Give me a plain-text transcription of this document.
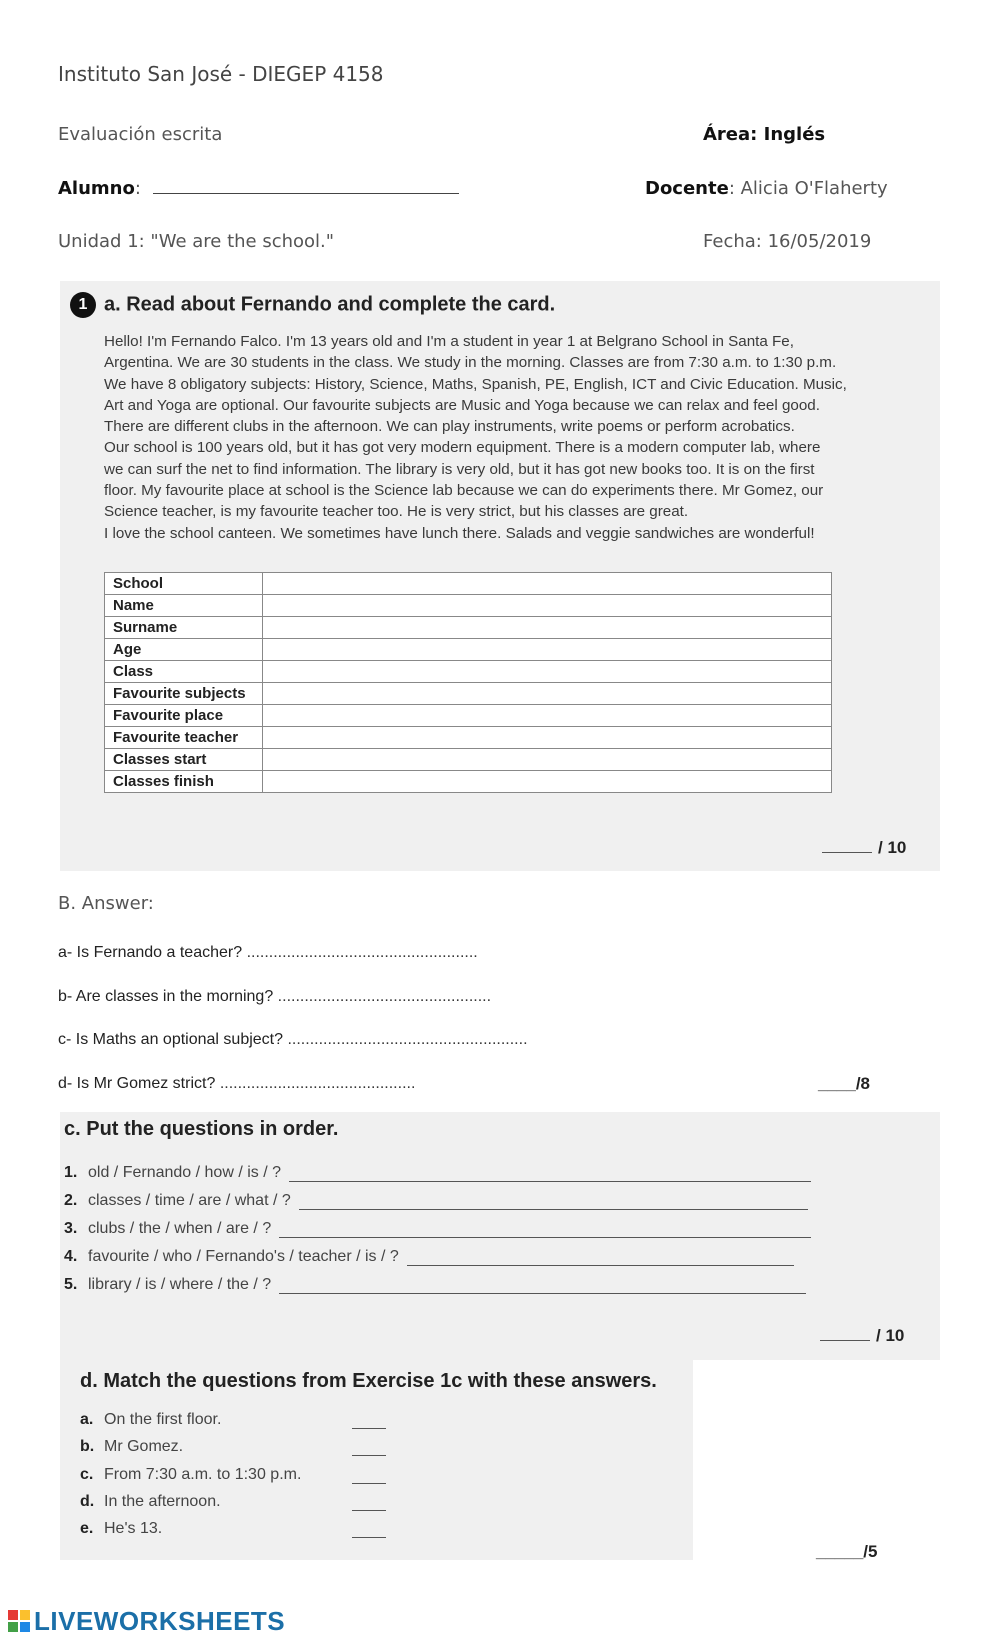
Instituto San José - DIEGEP 4158
Evaluación escrita	Área: Inglés
Alumno:	Docente: Alicia O'Flaherty
Unidad 1: "We are the school."	Fecha: 16/05/2019
1 a. Read about Fernando and complete the card.

Hello! I'm Fernando Falco. I'm 13 years old and I'm a student in year 1 at Belgrano School in Santa Fe,

Argentina. We are 30 students in the class. We study in the morning. Classes are from 7:30 a.m. to 1:30 p.m.

We have 8 obligatory subjects: History, Science, Maths, Spanish, PE, English, ICT and Civic Education. Music,

Art and Yoga are optional. Our favourite subjects are Music and Yoga because we can relax and feel good.

There are different clubs in the afternoon. We can play instruments, write poems or perform acrobatics.

Our school is 100 years old, but it has got very modern equipment. There is a modern computer lab, where

we can surf the net to find information. The library is very old, but it has got new books too. It is on the first

floor. My favourite place at school is the Science lab because we can do experiments there. Mr Gomez, our

Science teacher, is my favourite teacher too. He is very strict, but his classes are great.

I love the school canteen. We sometimes have lunch there. Salads and veggie sandwiches are wonderful!

School	
Name	
Surname	
Age	
Class	
Favourite subjects	
Favourite place	
Favourite teacher	
Classes start	
Classes finish	
/ 10
B. Answer:
a- Is Fernando a teacher? ....................................................
b- Are classes in the morning? ................................................
c- Is Maths an optional subject? ......................................................
d- Is Mr Gomez strict? ............................................	____/8
c. Put the questions in order.
1. old / Fernando / how / is / ?
2. classes / time / are / what / ?
3. clubs / the / when / are / ?
4. favourite / who / Fernando's / teacher / is / ?
5. library / is / where / the / ?
/ 10
d. Match the questions from Exercise 1c with these answers.
a. On the first floor.
b. Mr Gomez.
c. From 7:30 a.m. to 1:30 p.m.
d. In the afternoon.
e. He's 13.
_____/5
LIVEWORKSHEETS
